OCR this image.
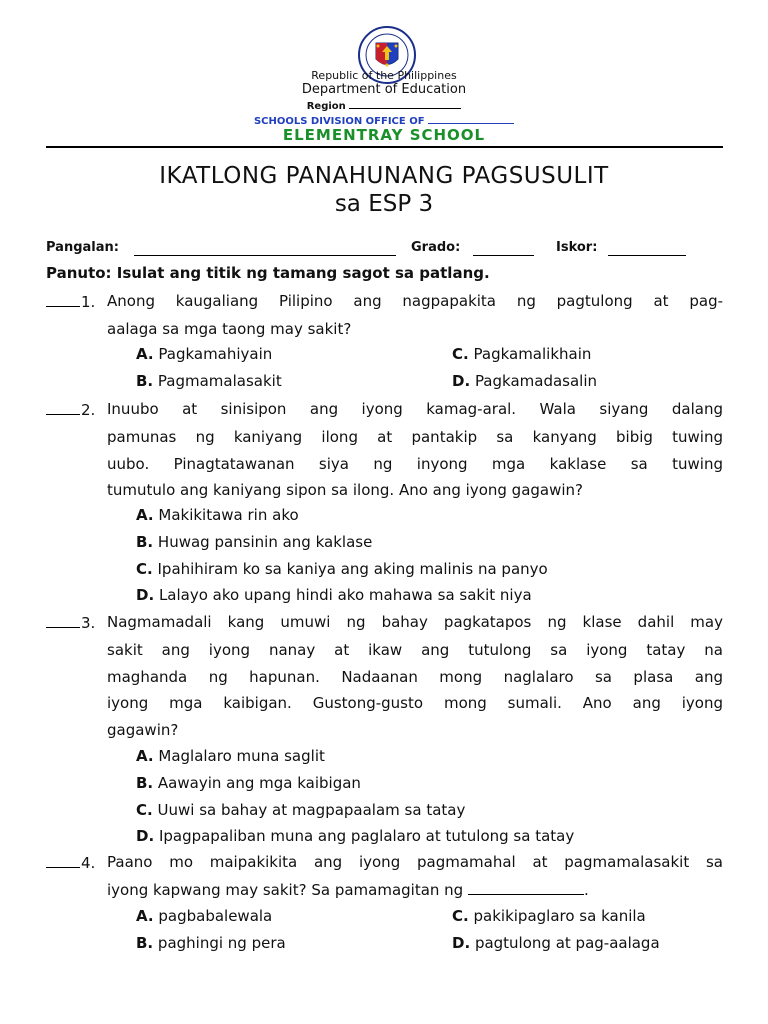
Republic of the Philippines
Department of Education
Region
SCHOOLS DIVISION OFFICE OF
ELEMENTRAY SCHOOL
IKATLONG PANAHUNANG PAGSUSULIT
sa ESP 3
Pangalan:	Grado:	Iskor:
Panuto: Isulat ang titik ng tamang sagot sa patlang.
1. Anong kaugaliang Pilipino ang nagpapakita ng pagtulong at pag-
aalaga sa mga taong may sakit?
A. Pagkamahiyain	C. Pagkamalikhain
B. Pagmamalasakit	D. Pagkamadasalin
2. Inuubo at sinisipon ang iyong kamag-aral. Wala siyang dalang
pamunas ng kaniyang ilong at pantakip sa kanyang bibig tuwing
uubo. Pinagtatawanan siya ng inyong mga kaklase sa tuwing
tumutulo ang kaniyang sipon sa ilong. Ano ang iyong gagawin?
A. Makikitawa rin ako
B. Huwag pansinin ang kaklase
C. Ipahihiram ko sa kaniya ang aking malinis na panyo
D. Lalayo ako upang hindi ako mahawa sa sakit niya
3. Nagmamadali kang umuwi ng bahay pagkatapos ng klase dahil may
sakit ang iyong nanay at ikaw ang tutulong sa iyong tatay na
maghanda ng hapunan. Nadaanan mong naglalaro sa plasa ang
iyong mga kaibigan. Gustong-gusto mong sumali. Ano ang iyong
gagawin?
A. Maglalaro muna saglit
B. Aawayin ang mga kaibigan
C. Uuwi sa bahay at magpapaalam sa tatay
D. Ipagpapaliban muna ang paglalaro at tutulong sa tatay
4. Paano mo maipakikita ang iyong pagmamahal at pagmamalasakit sa
iyong kapwang may sakit? Sa pamamagitan ng	.
A. pagbabalewala	C. pakikipaglaro sa kanila
B. paghingi ng pera	D. pagtulong at pag-aalaga
